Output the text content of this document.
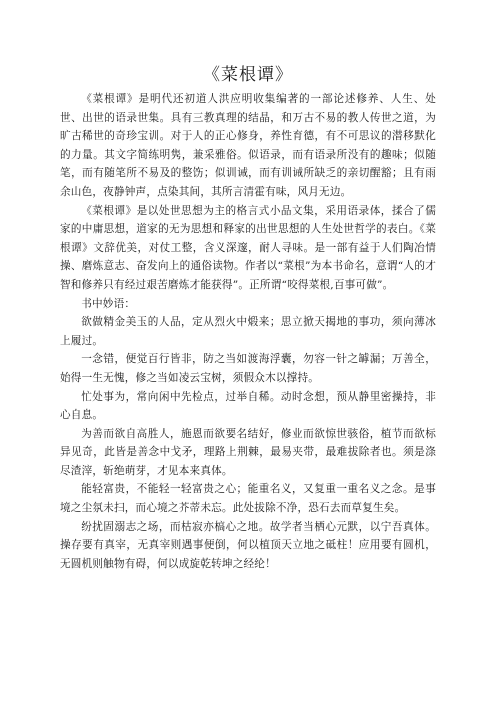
《菜根谭》

《菜根谭》是明代还初道人洪应明收集编著的一部论述修养、人生、处世、出世的语录世集。具有三教真理的结晶，和万古不易的教人传世之道，为旷古稀世的奇珍宝训。对于人的正心修身，养性育德，有不可思议的潜移默化的力量。其文字简练明隽，兼采雅俗。似语录，而有语录所没有的趣味；似随笔，而有随笔所不易及的整饬；似训诫，而有训诫所缺乏的亲切醒豁；且有雨余山色，夜静钟声，点染其间，其所言清霍有味，风月无边。

《菜根谭》是以处世思想为主的格言式小品文集，采用语录体，揉合了儒家的中庸思想，道家的无为思想和释家的出世思想的人生处世哲学的表白。《菜根谭》文辞优美，对仗工整，含义深邃，耐人寻味。是一部有益于人们陶冶情操、磨炼意志、奋发向上的通俗读物。作者以“菜根”为本书命名，意谓“人的才智和修养只有经过艰苦磨炼才能获得”。正所谓“咬得菜根,百事可做”。

书中妙语：

欲做精金美玉的人品，定从烈火中煅来；思立掀天揭地的事功，须向薄冰上履过。

一念错，便觉百行皆非，防之当如渡海浮囊，勿容一针之罅漏；万善全，始得一生无愧，修之当如凌云宝树，须假众木以撑持。

忙处事为，常向闲中先检点，过举自稀。动时念想，预从静里密操持，非心自息。

为善而欲自高胜人，施恩而欲要名结好，修业而欲惊世骇俗，植节而欲标异见奇，此皆是善念中戈矛，理路上荆棘，最易夹带，最难拔除者也。须是涤尽渣滓，斩绝萌芽，才见本来真体。

能轻富贵，不能轻一轻富贵之心；能重名义，又复重一重名义之念。是事境之尘氛未扫，而心境之芥蒂未忘。此处拔除不净，恐石去而草复生矣。

纷扰固溺志之场，而枯寂亦槁心之地。故学者当栖心元默，以宁吾真体。操存要有真宰，无真宰则遇事便倒，何以植顶天立地之砥柱！应用要有圆机，无圆机则触物有碍，何以成旋乾转坤之经纶！
